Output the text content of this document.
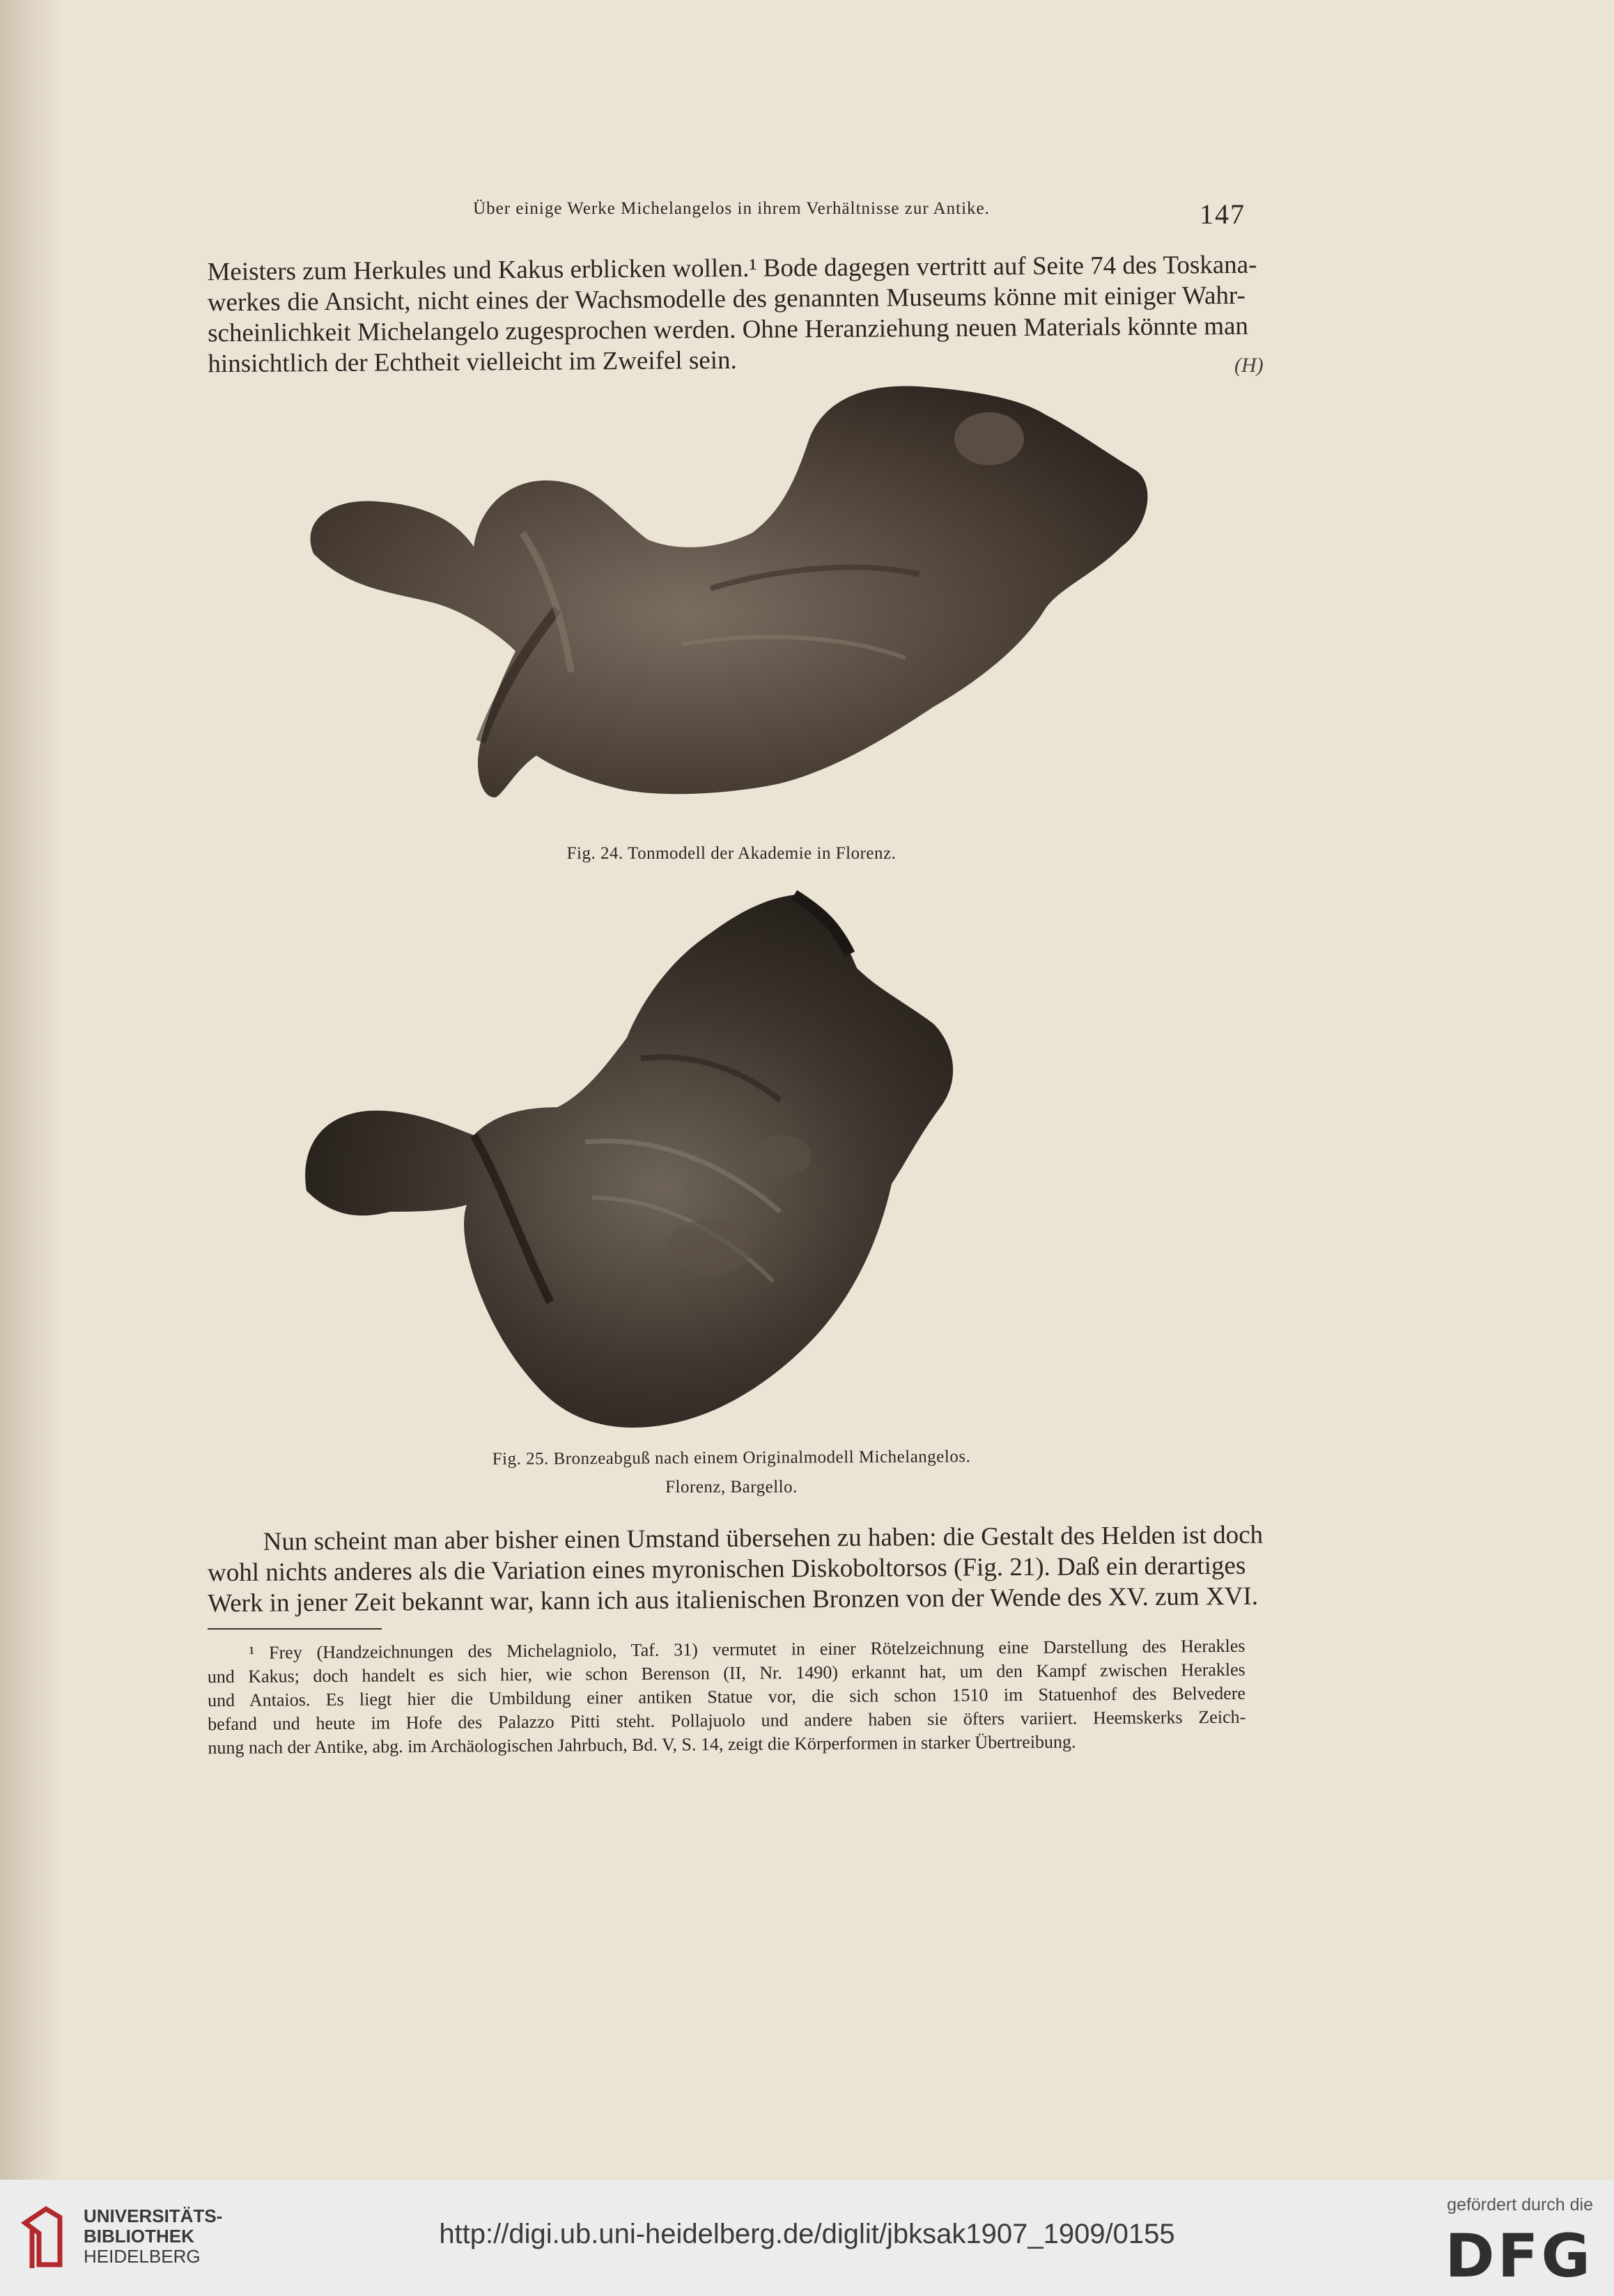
Über einige Werke Michelangelos in ihrem Verhältnisse zur Antike.	147
Meisters zum Herkules und Kakus erblicken wollen.¹ Bode dagegen vertritt auf Seite 74 des Toskana-
werkes die Ansicht, nicht eines der Wachsmodelle des genannten Museums könne mit einiger Wahr-
scheinlichkeit Michelangelo zugesprochen werden. Ohne Heranziehung neuen Materials könnte man
hinsichtlich der Echtheit vielleicht im Zweifel sein.	(H)
Fig. 24. Tonmodell der Akademie in Florenz.
Fig. 25. Bronzeabguß nach einem Originalmodell Michelangelos.
Florenz, Bargello.
Nun scheint man aber bisher einen Umstand übersehen zu haben: die Gestalt des Helden ist doch
wohl nichts anderes als die Variation eines myronischen Diskoboltorsos (Fig. 21). Daß ein derartiges
Werk in jener Zeit bekannt war, kann ich aus italienischen Bronzen von der Wende des XV. zum XVI.
¹ Frey (Handzeichnungen des Michelagniolo, Taf. 31) vermutet in einer Rötelzeichnung eine Darstellung des Herakles
und Kakus; doch handelt es sich hier, wie schon Berenson (II, Nr. 1490) erkannt hat, um den Kampf zwischen Herakles
und Antaios. Es liegt hier die Umbildung einer antiken Statue vor, die sich schon 1510 im Statuenhof des Belvedere
befand und heute im Hofe des Palazzo Pitti steht. Pollajuolo und andere haben sie öfters variiert. Heemskerks Zeich-
nung nach der Antike, abg. im Archäologischen Jahrbuch, Bd. V, S. 14, zeigt die Körperformen in starker Übertreibung.
UNIVERSITÄTS-
BIBLIOTHEK
HEIDELBERG
http://digi.ub.uni-heidelberg.de/diglit/jbksak1907_1909/0155
gefördert durch die
DFG
